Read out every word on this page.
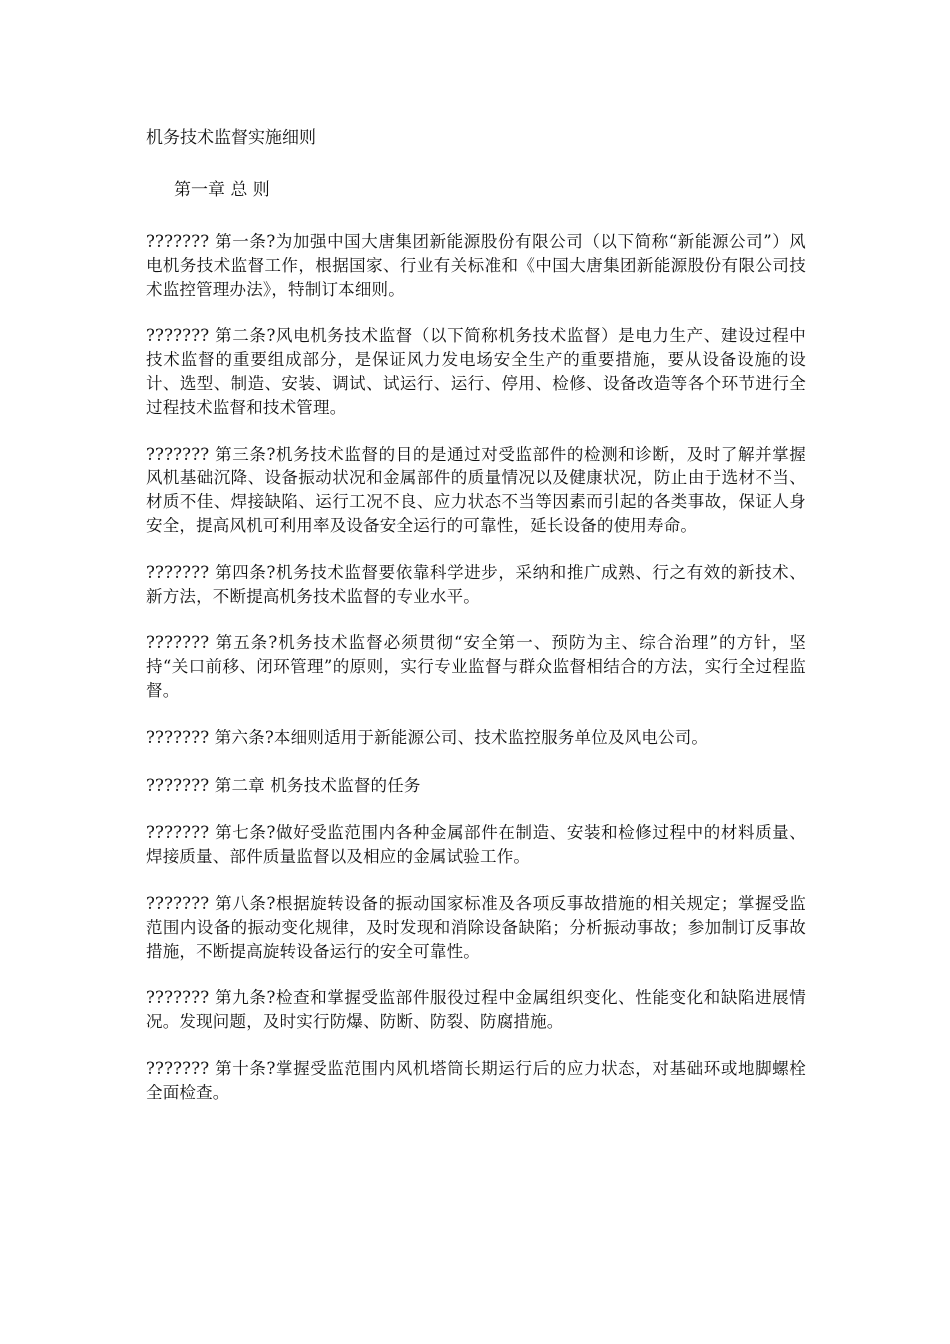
机务技术监督实施细则
第一章 总 则

??????? 第一条?为加强中国大唐集团新能源股份有限公司（以下简称“新能源公司”）风电机务技术监督工作，根据国家、行业有关标准和《中国大唐集团新能源股份有限公司技术监控管理办法》，特制订本细则。

??????? 第二条?风电机务技术监督（以下简称机务技术监督）是电力生产、建设过程中技术监督的重要组成部分，是保证风力发电场安全生产的重要措施，要从设备设施的设计、选型、制造、安装、调试、试运行、运行、停用、检修、设备改造等各个环节进行全过程技术监督和技术管理。

??????? 第三条?机务技术监督的目的是通过对受监部件的检测和诊断，及时了解并掌握风机基础沉降、设备振动状况和金属部件的质量情况以及健康状况，防止由于选材不当、材质不佳、焊接缺陷、运行工况不良、应力状态不当等因素而引起的各类事故，保证人身安全，提高风机可利用率及设备安全运行的可靠性，延长设备的使用寿命。

??????? 第四条?机务技术监督要依靠科学进步，采纳和推广成熟、行之有效的新技术、新方法，不断提高机务技术监督的专业水平。

??????? 第五条?机务技术监督必须贯彻“安全第一、预防为主、综合治理”的方针，坚持“关口前移、闭环管理”的原则，实行专业监督与群众监督相结合的方法，实行全过程监督。

??????? 第六条?本细则适用于新能源公司、技术监控服务单位及风电公司。

??????? 第二章 机务技术监督的任务

??????? 第七条?做好受监范围内各种金属部件在制造、安装和检修过程中的材料质量、焊接质量、部件质量监督以及相应的金属试验工作。

??????? 第八条?根据旋转设备的振动国家标准及各项反事故措施的相关规定；掌握受监范围内设备的振动变化规律，及时发现和消除设备缺陷；分析振动事故；参加制订反事故措施，不断提高旋转设备运行的安全可靠性。

??????? 第九条?检查和掌握受监部件服役过程中金属组织变化、性能变化和缺陷进展情况。发现问题，及时实行防爆、防断、防裂、防腐措施。

??????? 第十条?掌握受监范围内风机塔筒长期运行后的应力状态，对基础环或地脚螺栓全面检查。
